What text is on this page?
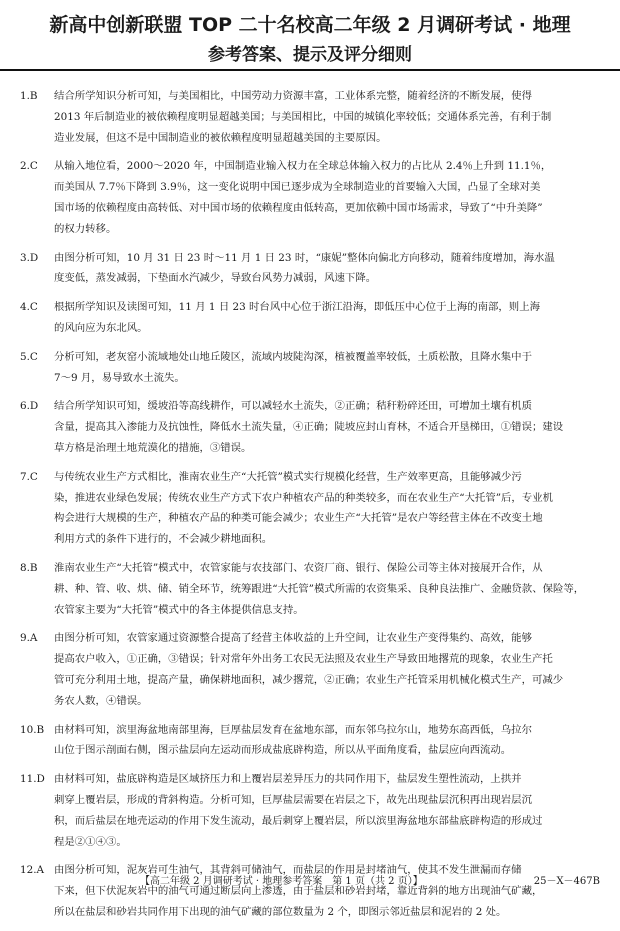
新高中创新联盟 TOP 二十名校高二年级 2 月调研考试 · 地理
参考答案、提示及评分细则
1.B	结合所学知识分析可知，与美国相比，中国劳动力资源丰富，工业体系完整，随着经济的不断发展，使得
2013 年后制造业的被依赖程度明显超越美国；与美国相比，中国的城镇化率较低；交通体系完善，有利于制
造业发展，但这不是中国制造业的被依赖程度明显超越美国的主要原因。
2.C	从输入地位看，2000～2020 年，中国制造业输入权力在全球总体输入权力的占比从 2.4％上升到 11.1％，
而美国从 7.7％下降到 3.9％，这一变化说明中国已逐步成为全球制造业的首要输入大国，凸显了全球对美
国市场的依赖程度由高转低、对中国市场的依赖程度由低转高，更加依赖中国市场需求，导致了“中升美降”
的权力转移。
3.D	由图分析可知，10 月 31 日 23 时～11 月 1 日 23 时，“康妮”整体向偏北方向移动，随着纬度增加，海水温
度变低，蒸发减弱，下垫面水汽减少，导致台风势力减弱，风速下降。
4.C	根据所学知识及读图可知，11 月 1 日 23 时台风中心位于浙江沿海，即低压中心位于上海的南部，则上海
的风向应为东北风。
5.C	分析可知，老灰窑小流域地处山地丘陵区，流域内坡陡沟深，植被覆盖率较低，土质松散，且降水集中于
7～9 月，易导致水土流失。
6.D	结合所学知识可知，缓坡沿等高线耕作，可以减轻水土流失，②正确；秸秆粉碎还田，可增加土壤有机质
含量，提高其入渗能力及抗蚀性，降低水土流失量，④正确；陡坡应封山育林，不适合开垦梯田，①错误；建设
草方格是治理土地荒漠化的措施，③错误。
7.C	与传统农业生产方式相比，淮南农业生产“大托管”模式实行规模化经营，生产效率更高，且能够减少污
染，推进农业绿色发展；传统农业生产方式下农户种植农产品的种类较多，而在农业生产“大托管”后，专业机
构会进行大规模的生产，种植农产品的种类可能会减少；农业生产“大托管”是农户等经营主体在不改变土地
利用方式的条件下进行的，不会减少耕地面积。
8.B	淮南农业生产“大托管”模式中，农管家能与农技部门、农资厂商、银行、保险公司等主体对接展开合作，从
耕、种、管、收、烘、储、销全环节，统筹跟进“大托管”模式所需的农资集采、良种良法推广、金融贷款、保险等，
农管家主要为“大托管”模式中的各主体提供信息支持。
9.A	由图分析可知，农管家通过资源整合提高了经营主体收益的上升空间，让农业生产变得集约、高效，能够
提高农户收入，①正确，③错误；针对常年外出务工农民无法照及农业生产导致田地撂荒的现象，农业生产托
管可充分利用土地，提高产量，确保耕地面积，减少撂荒，②正确；农业生产托管采用机械化模式生产，可减少
务农人数，④错误。
10.B 由材料可知，滨里海盆地南部里海，巨厚盐层发育在盆地东部，而东邻乌拉尔山，地势东高西低，乌拉尔
山位于图示剖面右侧，图示盐层向左运动而形成盐底辟构造，所以从平面角度看，盐层应向西流动。
11.D 由材料可知，盐底辟构造是区域挤压力和上覆岩层差异压力的共同作用下，盐层发生塑性流动，上拱并
刺穿上覆岩层，形成的背斜构造。分析可知，巨厚盐层需要在岩层之下，故先出现盐层沉积再出现岩层沉
积，而后盐层在地壳运动的作用下发生流动，最后刺穿上覆岩层，所以滨里海盆地东部盐底辟构造的形成过
程是②①④③。
12.A 由图分析可知，泥灰岩可生油气，其背斜可储油气，而盐层的作用是封堵油气，使其不发生泄漏而存储
下来，但下伏泥灰岩中的油气可通过断层向上渗透，由于盐层和砂岩封堵，靠近背斜的地方出现油气矿藏，
所以在盐层和砂岩共同作用下出现的油气矿藏的部位数量为 2 个，即图示邻近盐层和泥岩的 2 处。
【高二年级 2 月调研考试 · 地理参考答案　第 1 页（共 2 页）】	25－X－467B
